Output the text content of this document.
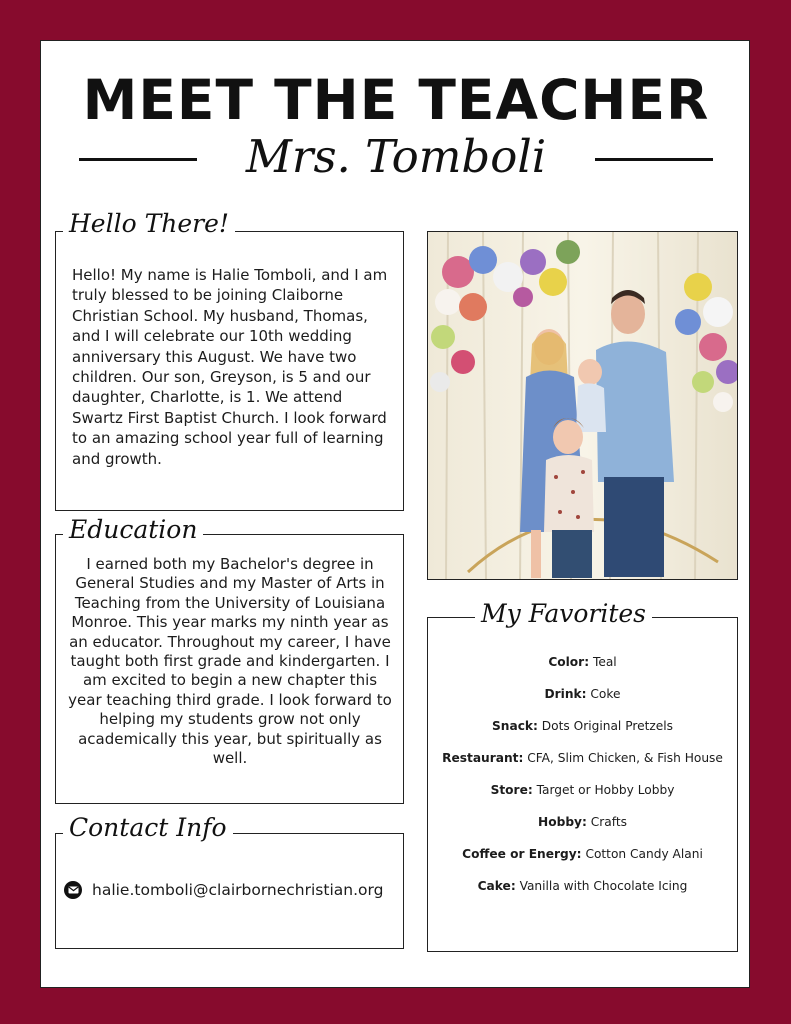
MEET THE TEACHER
Mrs. Tomboli
Hello! My name is Halie Tomboli, and I am truly blessed to be joining Claiborne Christian School. My husband, Thomas, and I will celebrate our 10th wedding anniversary this August. We have two children. Our son, Greyson, is 5 and our daughter, Charlotte, is 1. We attend Swartz First Baptist Church. I look forward to an amazing school year full of learning and growth.
Hello There!
I earned both my Bachelor's degree in General Studies and my Master of Arts in Teaching from the University of Louisiana Monroe. This year marks my ninth year as an educator. Throughout my career, I have taught both first grade and kindergarten. I am excited to begin a new chapter this year teaching third grade. I look forward to helping my students grow not only academically this year, but spiritually as well.
Education
halie.tomboli@clairbornechristian.org
Contact Info
Color: Teal
Drink: Coke
Snack: Dots Original Pretzels
Restaurant: CFA, Slim Chicken, & Fish House
Store: Target or Hobby Lobby
Hobby: Crafts
Coffee or Energy: Cotton Candy Alani
Cake: Vanilla with Chocolate Icing
My Favorites
